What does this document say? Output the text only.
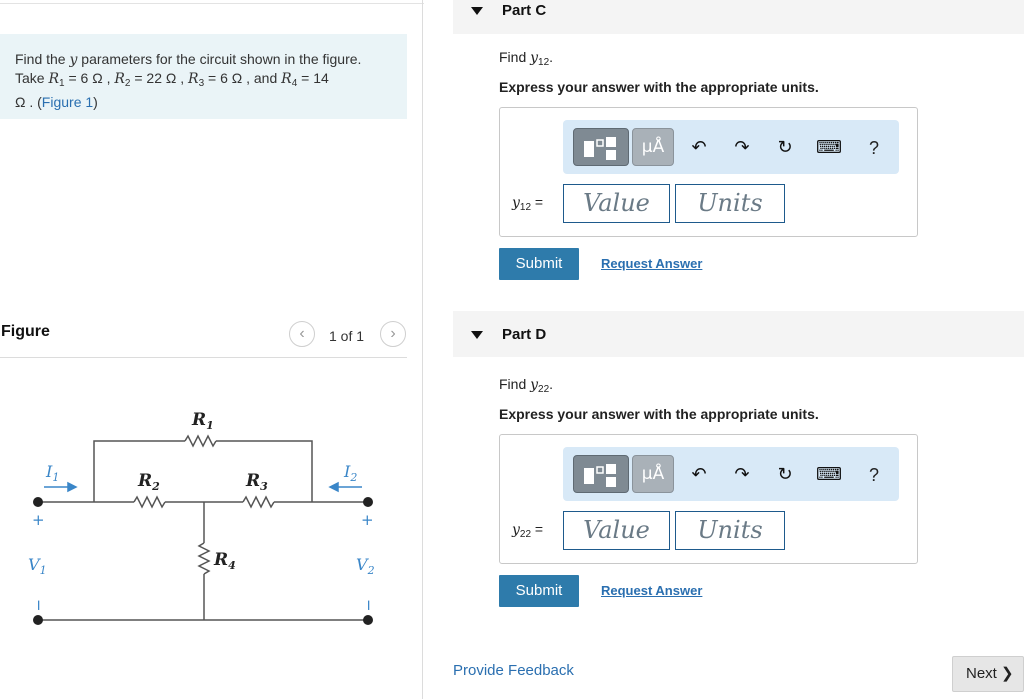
Find the y parameters for the circuit shown in the figure.
Take $R_1 = 6$ Ω , $R_2 = 22$ Ω , $R_3 = 6$ Ω , and $R_4 = 14$
Ω . (Figure 1)
Figure	‹	1 of 1	›
$R_1$
$R_2$	$R_3$
$R_4$
$I_1$	$I_2$
$V_1$	$V_2$
+	+
−	−
Part C
Find $y_{12}$.
Express your answer with the appropriate units.
μÅ	↶ ↷ ↻ ⌨ ?
$y_{12}$ =	Value	Units
Submit	Request Answer
Part D
Find $y_{22}$.
Express your answer with the appropriate units.
μÅ	↶ ↷ ↻ ⌨ ?
$y_{22}$ =	Value	Units
Submit	Request Answer
Provide Feedback	Next ❯
